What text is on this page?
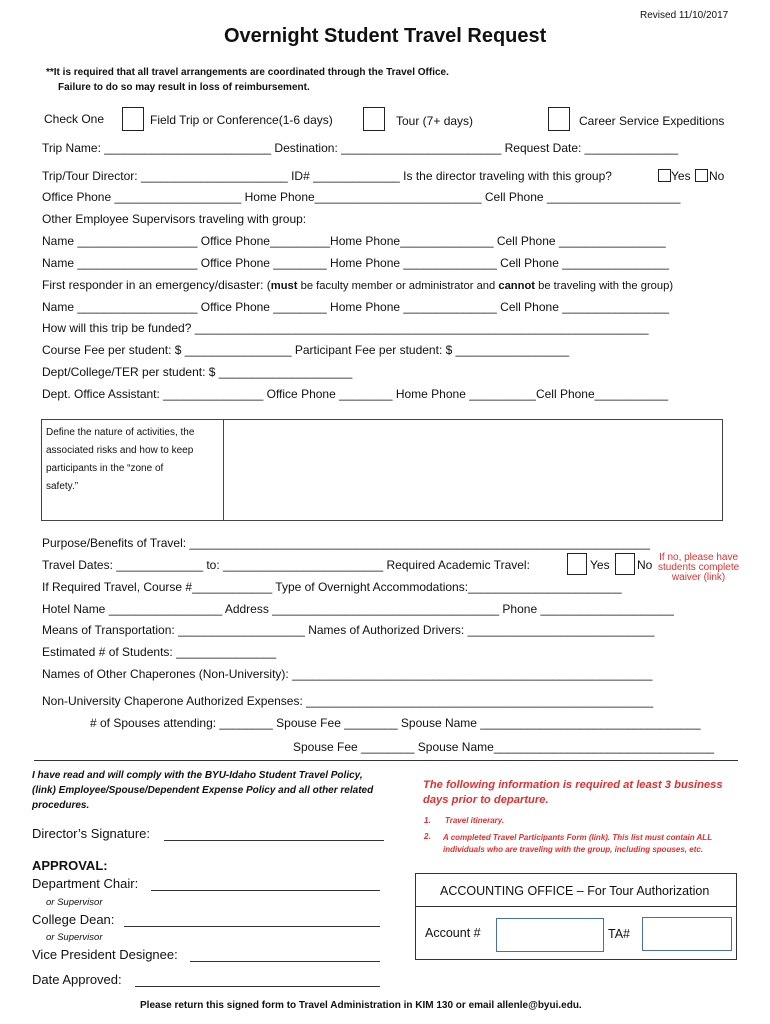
Revised 11/10/2017
Overnight Student Travel Request
**It is required that all travel arrangements are coordinated through the Travel Office.
Failure to do so may result in loss of reimbursement.
Check One	Field Trip or Conference(1-6 days)	Tour (7+ days)	Career Service Expeditions
Trip Name: _________________________ Destination: ________________________ Request Date: ______________
Trip/Tour Director: ______________________ ID# _____________ Is the director traveling with this group?	Yes No
Office Phone ___________________ Home Phone_________________________ Cell Phone ____________________
Other Employee Supervisors traveling with group:
Name __________________ Office Phone_________Home Phone______________ Cell Phone ________________
Name __________________ Office Phone ________ Home Phone ______________ Cell Phone ________________
First responder in an emergency/disaster: (must be faculty member or administrator and cannot be traveling with the group)
Name __________________ Office Phone ________ Home Phone ______________ Cell Phone ________________
How will this trip be funded? ____________________________________________________________________
Course Fee per student: $ ________________ Participant Fee per student: $ _________________
Dept/College/TER per student: $ ____________________
Dept. Office Assistant: _______________ Office Phone ________ Home Phone __________Cell Phone___________
Define the nature of activities, the
associated risks and how to keep
participants in the “zone of
safety.”
Purpose/Benefits of Travel: _____________________________________________________________________
Travel Dates: _____________ to: ________________________ Required Academic Travel:	Yes No
If no, please have
students complete
waiver (link)
If Required Travel, Course #____________ Type of Overnight Accommodations:_______________________
Hotel Name _________________ Address __________________________________ Phone ____________________
Means of Transportation: ___________________ Names of Authorized Drivers: ____________________________
Estimated # of Students: _______________
Names of Other Chaperones (Non-University): ______________________________________________________
Non-University Chaperone Authorized Expenses: ____________________________________________________
# of Spouses attending: ________ Spouse Fee ________ Spouse Name _________________________________
Spouse Fee ________ Spouse Name_________________________________
I have read and will comply with the BYU-Idaho Student Travel Policy,
(link) Employee/Spouse/Dependent Expense Policy and all other related
procedures.
The following information is required at least 3 business
days prior to departure.
1. Travel itinerary.
2. A completed Travel Participants Form (link). This list must contain ALL
individuals who are traveling with the group, including spouses, etc.
Director’s Signature:
APPROVAL:
Department Chair:
or Supervisor
College Dean:
or Supervisor
Vice President Designee:
Date Approved:
ACCOUNTING OFFICE – For Tour Authorization
Account #	TA#
Please return this signed form to Travel Administration in KIM 130 or email allenle@byui.edu.
